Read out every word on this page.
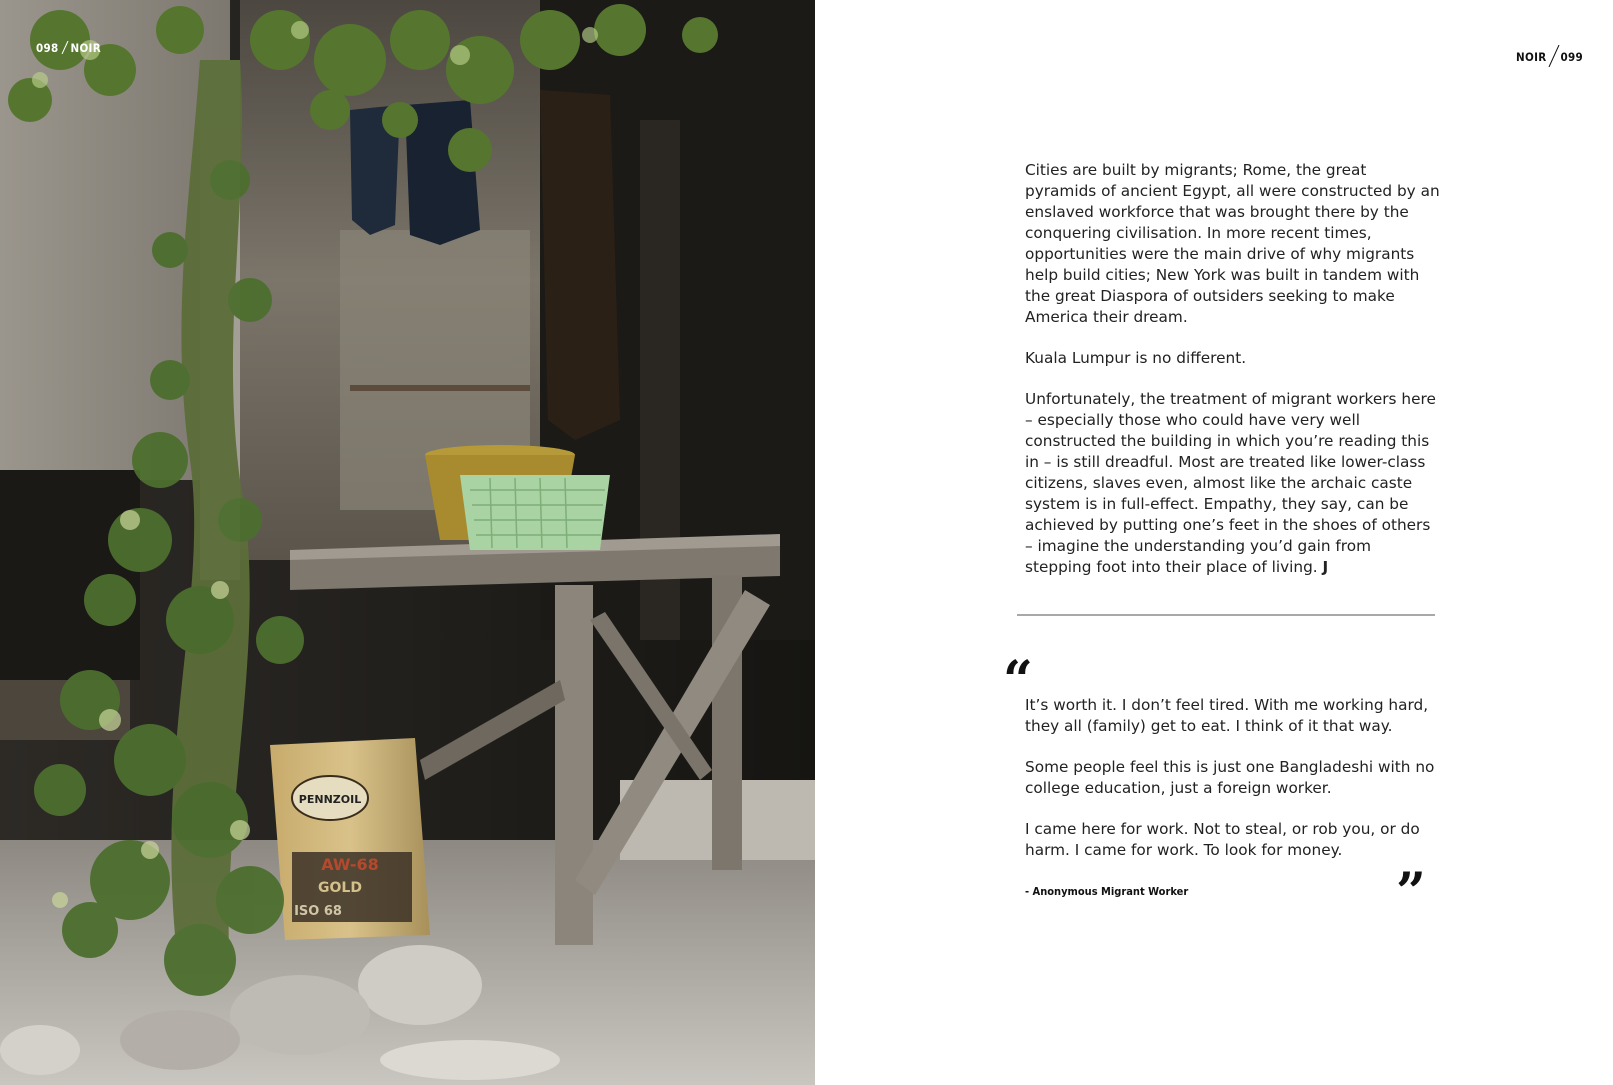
PENNZOIL
AW-68
GOLD
ISO 68
098 NOIR
NOIR 099

Cities are built by migrants; Rome, the great pyramids of ancient Egypt, all were constructed by an enslaved workforce that was brought there by the conquering civilisation. In more recent times, opportunities were the main drive of why migrants help build cities; New York was built in tandem with the great Diaspora of outsiders seeking to make America their dream.

Kuala Lumpur is no different.

Unfortunately, the treatment of migrant workers here – especially those who could have very well constructed the building in which you’re reading this in – is still dreadful. Most are treated like lower-class citizens, slaves even, almost like the archaic caste system is in full-effect. Empathy, they say, can be achieved by putting one’s feet in the shoes of others – imagine the understanding you’d gain from stepping foot into their place of living. J

“

It’s worth it. I don’t feel tired. With me working hard, they all (family) get to eat. I think of it that way.

Some people feel this is just one Bangladeshi with no college education, just a foreign worker.

I came here for work. Not to steal, or rob you, or do harm. I came for work. To look for money.

”
- Anonymous Migrant Worker
